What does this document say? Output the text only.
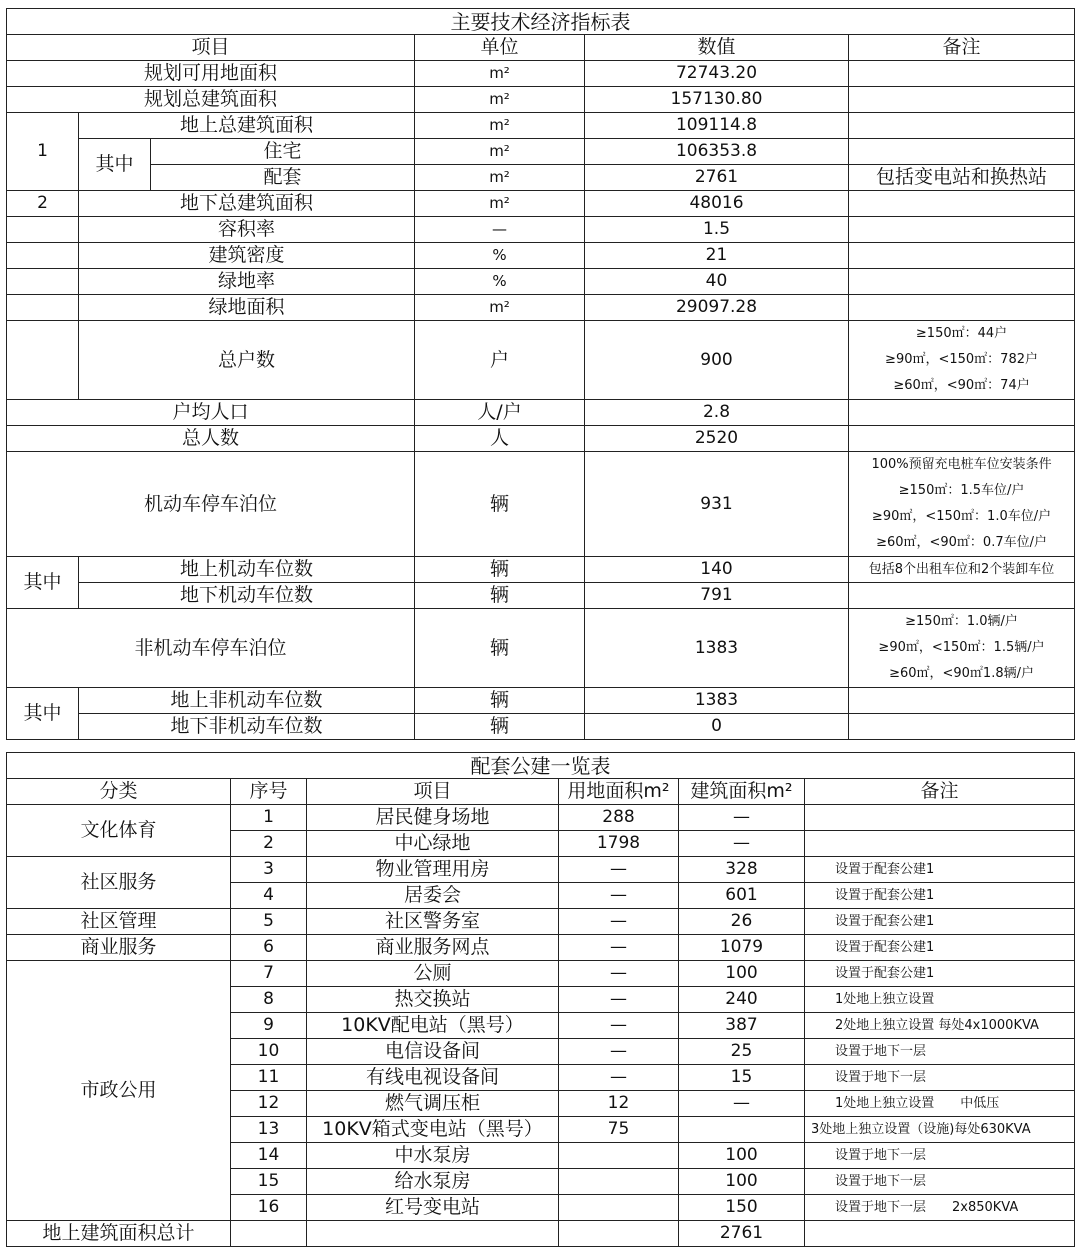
主要技术经济指标表					
项目			单位	数值	备注
规划可用地面积			m²	72743.20	
规划总建筑面积			m²	157130.80	
1	地上总建筑面积		m²	109114.8	
	其中	住宅	m²	106353.8	
		配套	m²	2761	包括变电站和换热站
2	地下总建筑面积		m²	48016	
	容积率		—	1.5	
	建筑密度		%	21	
	绿地率		%	40	
	绿地面积		m²	29097.28	
	总户数		户	900	≥150㎡：44户
≥90㎡，<150㎡：782户
≥60㎡，<90㎡：74户

户均人口			人/户	2.8	
总人数			人	2520	
机动车停车泊位			辆	931	100%预留充电桩车位安装条件
≥150㎡：1.5车位/户
≥90㎡，<150㎡：1.0车位/户
≥60㎡，<90㎡：0.7车位/户

其中	地上机动车位数		辆	140	包括8个出租车位和2个装卸车位
	地下机动车位数		辆	791	
非机动车停车泊位			辆	1383	≥150㎡：1.0辆/户
≥90㎡，<150㎡：1.5辆/户
≥60㎡，<90㎡1.8辆/户

其中	地上非机动车位数		辆	1383	
	地下非机动车位数		辆	0	
配套公建一览表					
分类	序号	项目	用地面积m²	建筑面积m²	备注
文化体育	1	居民健身场地	288	—	
	2	中心绿地	1798	—	
社区服务	3	物业管理用房	—	328	设置于配套公建1
	4	居委会	—	601	设置于配套公建1
社区管理	5	社区警务室	—	26	设置于配套公建1
商业服务	6	商业服务网点	—	1079	设置于配套公建1
市政公用	7	公厕	—	100	设置于配套公建1
	8	热交换站	—	240	1处地上独立设置
	9	10KV配电站（黑号）	—	387	2处地上独立设置 每处4x1000KVA
	10	电信设备间	—	25	设置于地下一层
	11	有线电视设备间	—	15	设置于地下一层
	12	燃气调压柜	12	—	1处地上独立设置　　中低压
	13	10KV箱式变电站（黑号）	75		3处地上独立设置（设施)每处630KVA
	14	中水泵房		100	设置于地下一层
	15	给水泵房		100	设置于地下一层
	16	红号变电站		150	设置于地下一层　　2x850KVA
地上建筑面积总计				2761	
